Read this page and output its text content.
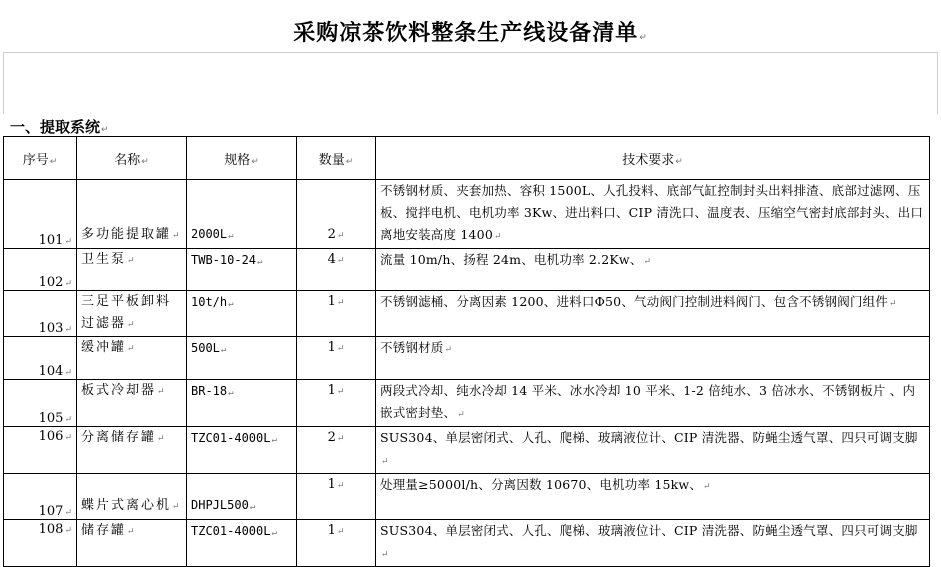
采购凉茶饮料整条生产线设备清单 ↵
一、提取系统 ↵
序号 ↵	名称 ↵	规格 ↵	数量 ↵	技术要求 ↵
101 ↵	多功能提取罐 ↵	2000L ↵	2 ↵	不锈钢材质、夹套加热、容积 1500L、人孔投料、底部气缸控制封头出料排渣、底部过滤网、压板、搅拌电机、电机功率 3Kw、进出料口、CIP 清洗口、温度表、压缩空气密封底部封头、出口离地安装高度 1400 ↵
102 ↵	卫生泵 ↵	TWB-10-24 ↵	4 ↵	流量 10m/h、扬程 24m、电机功率 2.2Kw、 ↵
103 ↵	三足平板卸料过滤器 ↵	10t/h ↵	1 ↵	不锈钢滤桶、分离因素 1200、进料口Φ50、气动阀门控制进料阀门、包含不锈钢阀门组件 ↵
104 ↵	缓冲罐 ↵	500L ↵	1 ↵	不锈钢材质 ↵
105 ↵	板式冷却器 ↵	BR-18 ↵	1 ↵	两段式冷却、纯水冷却 14 平米、冰水冷却 10 平米、1-2 倍纯水、3 倍冰水、不锈钢板片 、内嵌式密封垫、 ↵
106 ↵	分离储存罐 ↵	TZC01-4000L ↵	2 ↵	SUS304、单层密闭式、人孔、爬梯、玻璃液位计、CIP 清洗器、防蝇尘透气罩、四只可调支脚 ↵
107 ↵	蝶片式离心机 ↵	DHPJL500 ↵	1 ↵	处理量≥5000l/h、分离因数 10670、电机功率 15kw、 ↵
108 ↵	储存罐 ↵	TZC01-4000L ↵	1 ↵	SUS304、单层密闭式、人孔、爬梯、玻璃液位计、CIP 清洗器、防蝇尘透气罩、四只可调支脚 ↵
